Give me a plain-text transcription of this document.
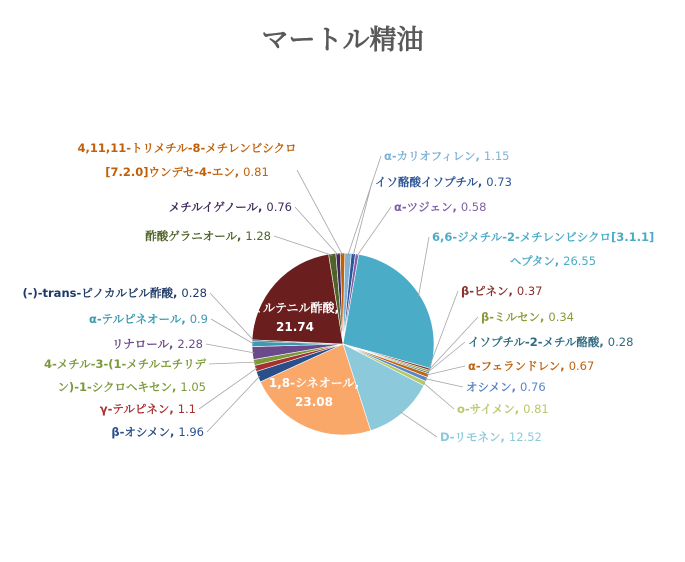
マートル精油
α-カリオフィレン, 1.15
イソ酪酸イソプチル, 0.73
α-ツジェン, 0.58
6,6-ジメチル-2-メチレンビシクロ[3.1.1]ヘプタン, 26.55
β-ピネン, 0.37
β-ミルセン, 0.34
イソプチル-2-メチル酪酸, 0.28
α-フェランドレン, 0.67
オシメン, 0.76
o-サイメン, 0.81
D-リモネン, 12.52
1,8-シネオール, 23.08
β-オシメン, 1.96
γ-テルピネン, 1.1
4-メチル-3-(1-メチルエチリデン)-1-シクロヘキセン, 1.05
リナロール, 2.28
α-テルピネオール, 0.9
(-)-trans-ピノカルビル酢酸, 0.28
ミルテニル酢酸, 21.74
酢酸ゲラニオール, 1.28
メチルイゲノール, 0.76
4,11,11-トリメチル-8-メチレンビシクロ[7.2.0]ウンデセ-4-エン, 0.81
